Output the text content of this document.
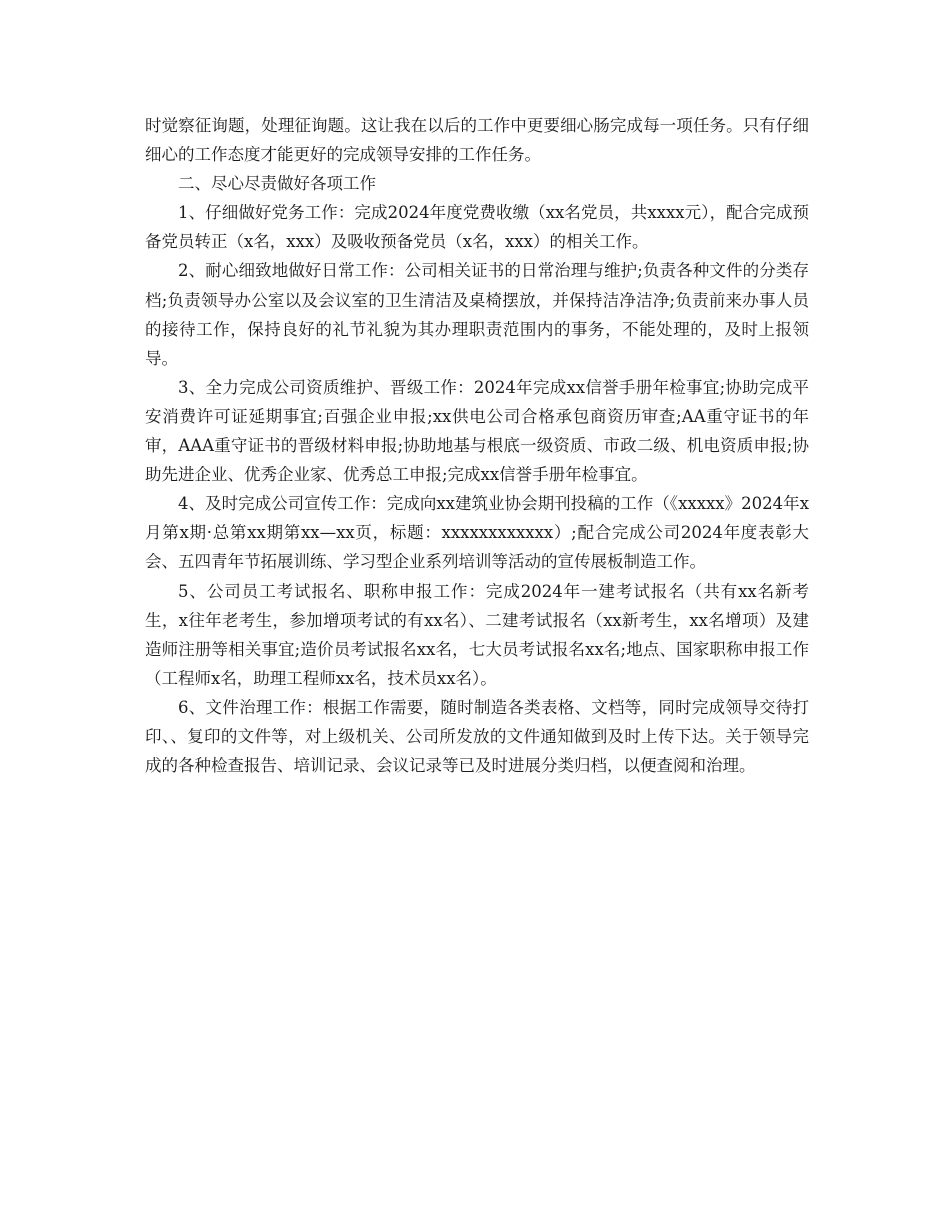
时觉察征询题，处理征询题。这让我在以后的工作中更要细心肠完成每一项任务。只有仔细细心的工作态度才能更好的完成领导安排的工作任务。

二、尽心尽责做好各项工作

1、仔细做好党务工作：完成2024年度党费收缴（xx名党员，共xxxx元），配合完成预备党员转正（x名，xxx）及吸收预备党员（x名，xxx）的相关工作。

2、耐心细致地做好日常工作：公司相关证书的日常治理与维护;负责各种文件的分类存档;负责领导办公室以及会议室的卫生清洁及桌椅摆放，并保持洁净洁净;负责前来办事人员的接待工作，保持良好的礼节礼貌为其办理职责范围内的事务，不能处理的，及时上报领导。

3、全力完成公司资质维护、晋级工作：2024年完成xx信誉手册年检事宜;协助完成平安消费许可证延期事宜;百强企业申报;xx供电公司合格承包商资历审查;AA重守证书的年审，AAA重守证书的晋级材料申报;协助地基与根底一级资质、市政二级、机电资质申报;协助先进企业、优秀企业家、优秀总工申报;完成xx信誉手册年检事宜。

4、及时完成公司宣传工作：完成向xx建筑业协会期刊投稿的工作（《xxxxx》2024年x月第x期·总第xx期第xx—xx页，标题：xxxxxxxxxxxx）;配合完成公司2024年度表彰大会、五四青年节拓展训练、学习型企业系列培训等活动的宣传展板制造工作。

5、公司员工考试报名、职称申报工作：完成2024年一建考试报名（共有xx名新考生，x往年老考生，参加增项考试的有xx名）、二建考试报名（xx新考生，xx名增项）及建造师注册等相关事宜;造价员考试报名xx名，七大员考试报名xx名;地点、国家职称申报工作（工程师x名，助理工程师xx名，技术员xx名）。

6、文件治理工作：根据工作需要，随时制造各类表格、文档等，同时完成领导交待打印、、复印的文件等，对上级机关、公司所发放的文件通知做到及时上传下达。关于领导完成的各种检查报告、培训记录、会议记录等已及时进展分类归档，以便查阅和治理。
